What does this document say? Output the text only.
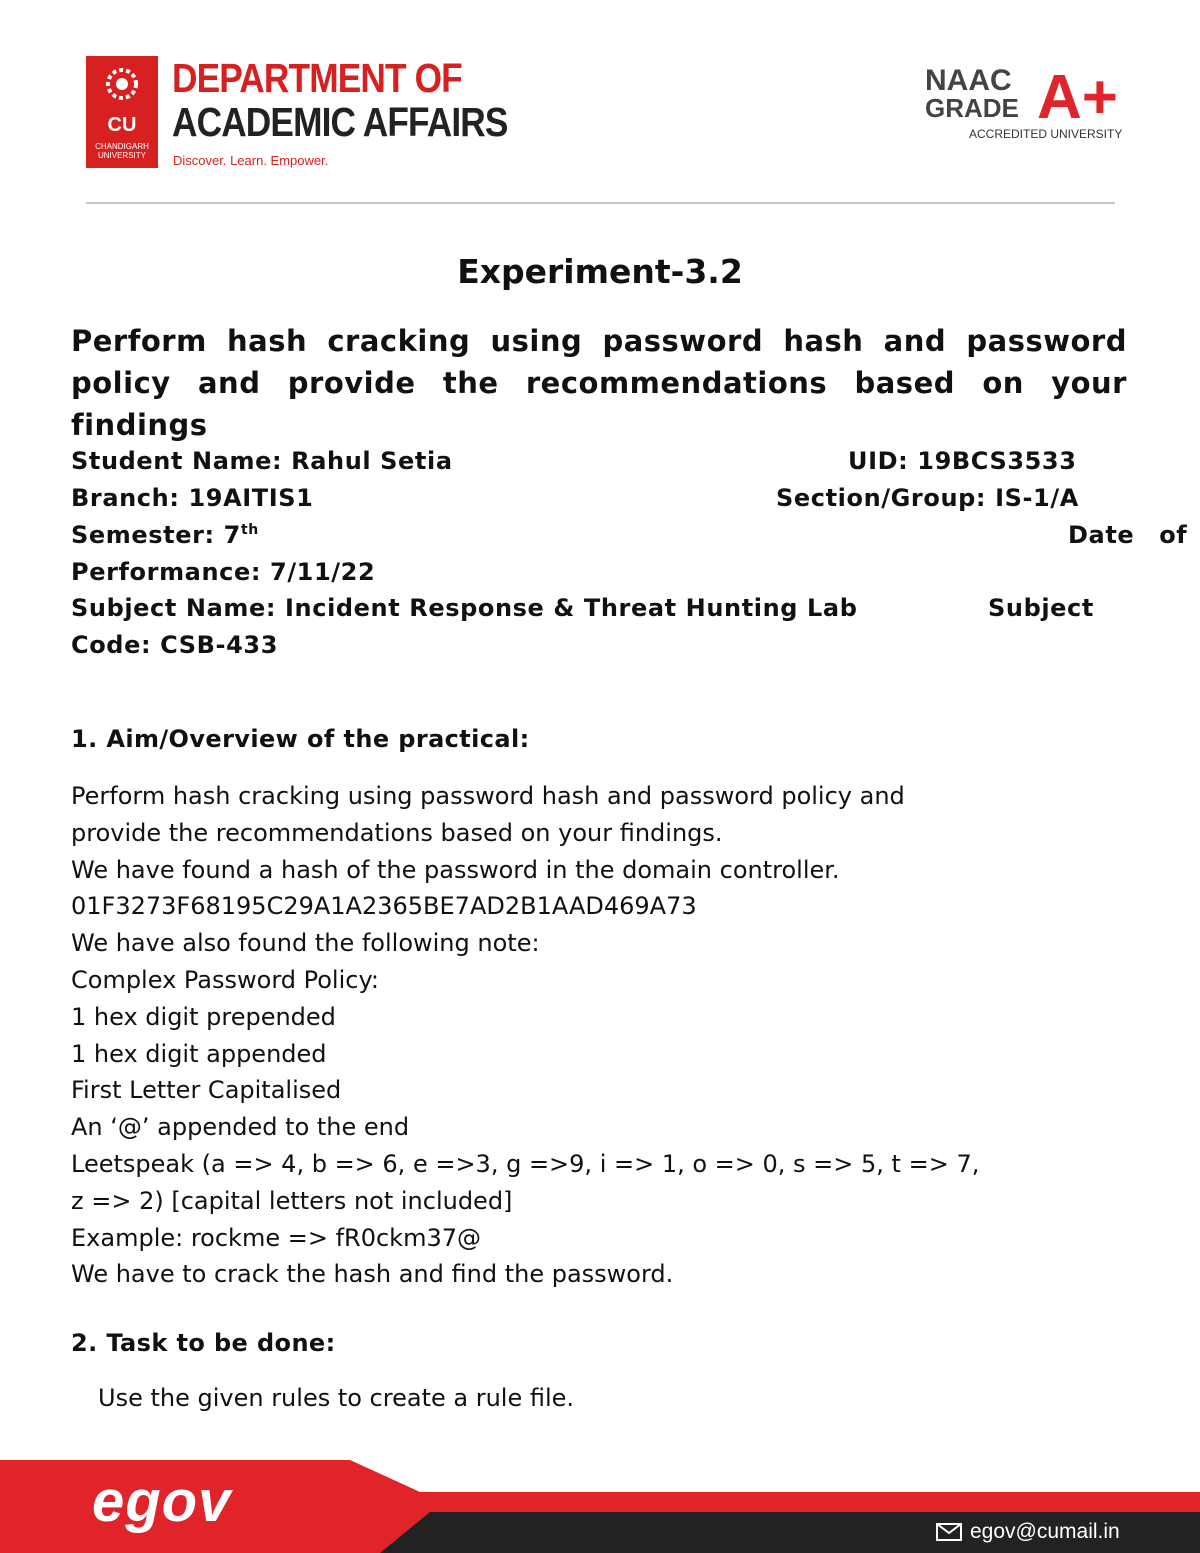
CU
CHANDIGARH UNIVERSITY
DEPARTMENT OF
ACADEMIC AFFAIRS
Discover. Learn. Empower.
NAAC
GRADE A+
ACCREDITED UNIVERSITY
Experiment-3.2
Perform hash cracking using password hash and password policy and provide the recommendations based on your findings
Student Name: Rahul Setia	UID: 19BCS3533
Branch: 19AITIS1	Section/Group: IS-1/A
Semester: 7th	Date of
Performance: 7/11/22
Subject Name: Incident Response & Threat Hunting Lab	Subject
Code: CSB-433
1. Aim/Overview of the practical:
Perform hash cracking using password hash and password policy and
provide the recommendations based on your findings.
We have found a hash of the password in the domain controller.
01F3273F68195C29A1A2365BE7AD2B1AAD469A73
We have also found the following note:
Complex Password Policy:
1 hex digit prepended
1 hex digit appended
First Letter Capitalised
An ‘@’ appended to the end
Leetspeak (a => 4, b => 6, e =>3, g =>9, i => 1, o => 0, s => 5, t => 7,
z => 2) [capital letters not included]
Example: rockme => fR0ckm37@
We have to crack the hash and find the password.
2. Task to be done:
Use the given rules to create a rule file.
egov	egov@cumail.in
